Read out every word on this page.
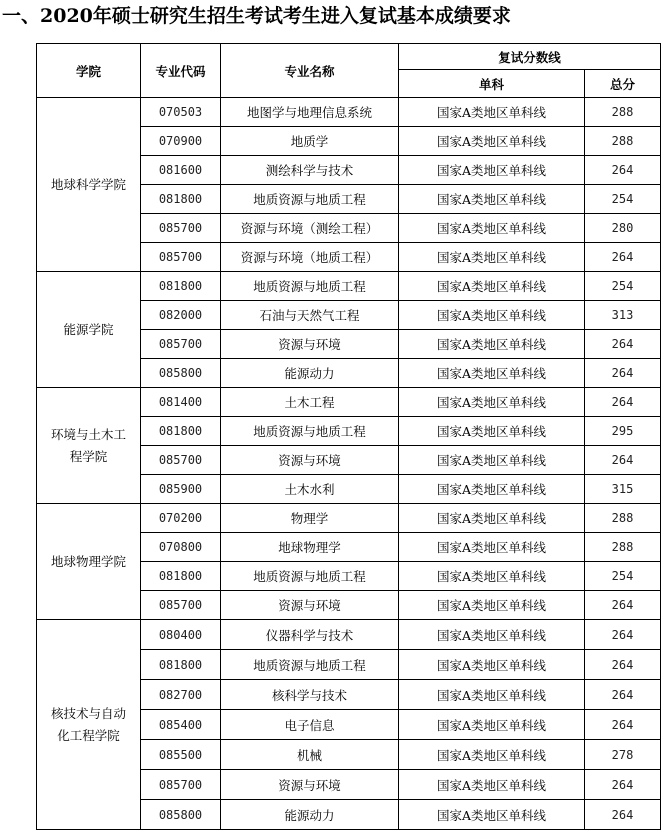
一、2020年硕士研究生招生考试考生进入复试基本成绩要求
学院	专业代码	专业名称	复试分数线	
			单科	总分
地球科学学院	070503	地图学与地理信息系统	国家A类地区单科线	288
	070900	地质学	国家A类地区单科线	288
	081600	测绘科学与技术	国家A类地区单科线	264
	081800	地质资源与地质工程	国家A类地区单科线	254
	085700	资源与环境（测绘工程）	国家A类地区单科线	280
	085700	资源与环境（地质工程）	国家A类地区单科线	264
能源学院	081800	地质资源与地质工程	国家A类地区单科线	254
	082000	石油与天然气工程	国家A类地区单科线	313
	085700	资源与环境	国家A类地区单科线	264
	085800	能源动力	国家A类地区单科线	264
环境与土木工程学院	081400	土木工程	国家A类地区单科线	264
	081800	地质资源与地质工程	国家A类地区单科线	295
	085700	资源与环境	国家A类地区单科线	264
	085900	土木水利	国家A类地区单科线	315
地球物理学院	070200	物理学	国家A类地区单科线	288
	070800	地球物理学	国家A类地区单科线	288
	081800	地质资源与地质工程	国家A类地区单科线	254
	085700	资源与环境	国家A类地区单科线	264
核技术与自动化工程学院	080400	仪器科学与技术	国家A类地区单科线	264
	081800	地质资源与地质工程	国家A类地区单科线	264
	082700	核科学与技术	国家A类地区单科线	264
	085400	电子信息	国家A类地区单科线	264
	085500	机械	国家A类地区单科线	278
	085700	资源与环境	国家A类地区单科线	264
	085800	能源动力	国家A类地区单科线	264
